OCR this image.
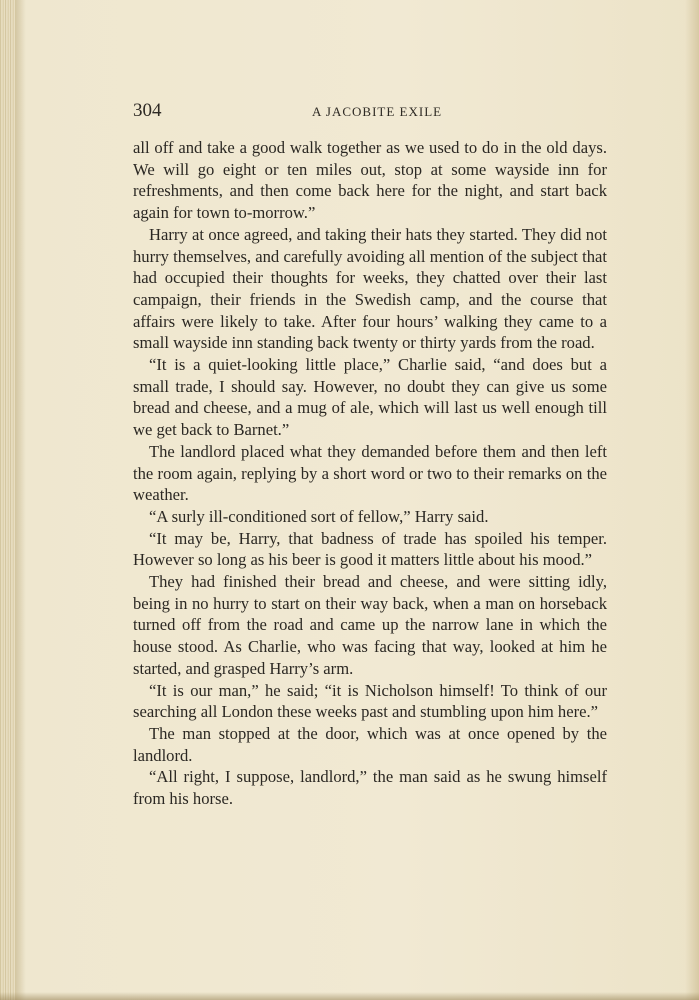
304	A JACOBITE EXILE

all off and take a good walk together as we used to do in the old days. We will go eight or ten miles out, stop at some wayside inn for refreshments, and then come back here for the night, and start back again for town to-morrow.”

Harry at once agreed, and taking their hats they started. They did not hurry themselves, and carefully avoiding all mention of the subject that had occupied their thoughts for weeks, they chatted over their last campaign, their friends in the Swedish camp, and the course that affairs were likely to take. After four hours’ walking they came to a small wayside inn standing back twenty or thirty yards from the road.

“It is a quiet-looking little place,” Charlie said, “and does but a small trade, I should say. However, no doubt they can give us some bread and cheese, and a mug of ale, which will last us well enough till we get back to Barnet.”

The landlord placed what they demanded before them and then left the room again, replying by a short word or two to their remarks on the weather.

“A surly ill-conditioned sort of fellow,” Harry said.

“It may be, Harry, that badness of trade has spoiled his temper. However so long as his beer is good it matters little about his mood.”

They had finished their bread and cheese, and were sitting idly, being in no hurry to start on their way back, when a man on horseback turned off from the road and came up the narrow lane in which the house stood. As Charlie, who was facing that way, looked at him he started, and grasped Harry’s arm.

“It is our man,” he said; “it is Nicholson himself! To think of our searching all London these weeks past and stumbling upon him here.”

The man stopped at the door, which was at once opened by the landlord.

“All right, I suppose, landlord,” the man said as he swung himself from his horse.
